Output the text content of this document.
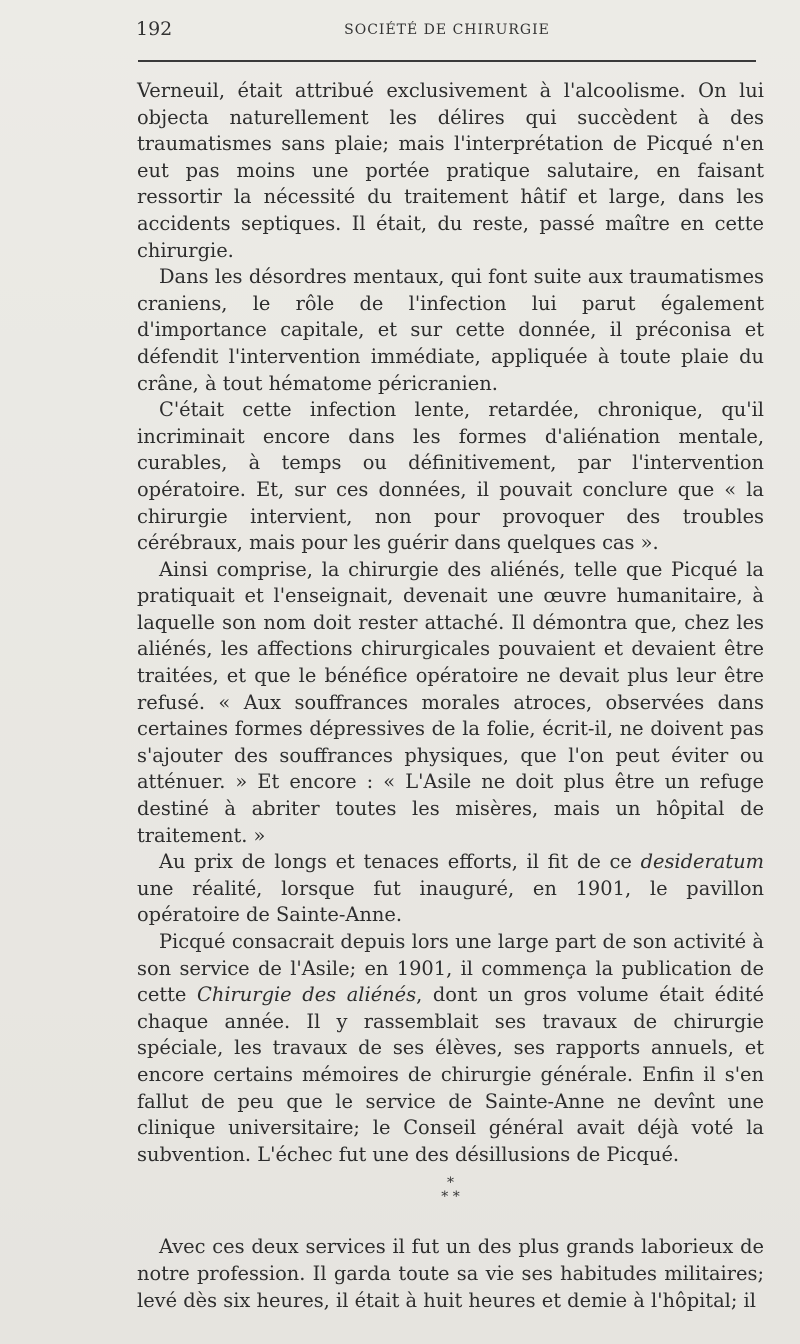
192	SOCIÉTÉ DE CHIRURGIE

Verneuil, était attribué exclusivement à l'alcoolisme. On lui objecta naturellement les délires qui succèdent à des traumatismes sans plaie; mais l'interprétation de Picqué n'en eut pas moins une portée pratique salutaire, en faisant ressortir la nécessité du traitement hâtif et large, dans les accidents septiques. Il était, du reste, passé maître en cette chirurgie.

Dans les désordres mentaux, qui font suite aux traumatismes craniens, le rôle de l'infection lui parut également d'importance capitale, et sur cette donnée, il préconisa et défendit l'intervention immédiate, appliquée à toute plaie du crâne, à tout hématome péricranien.

C'était cette infection lente, retardée, chronique, qu'il incriminait encore dans les formes d'aliénation mentale, curables, à temps ou définitivement, par l'intervention opératoire. Et, sur ces données, il pouvait conclure que « la chirurgie intervient, non pour provoquer des troubles cérébraux, mais pour les guérir dans quelques cas ».

Ainsi comprise, la chirurgie des aliénés, telle que Picqué la pratiquait et l'enseignait, devenait une œuvre humanitaire, à laquelle son nom doit rester attaché. Il démontra que, chez les aliénés, les affections chirurgicales pouvaient et devaient être traitées, et que le bénéfice opératoire ne devait plus leur être refusé. « Aux souffrances morales atroces, observées dans certaines formes dépressives de la folie, écrit-il, ne doivent pas s'ajouter des souffrances physiques, que l'on peut éviter ou atténuer. » Et encore : « L'Asile ne doit plus être un refuge destiné à abriter toutes les misères, mais un hôpital de traitement. »

Au prix de longs et tenaces efforts, il fit de ce desideratum une réalité, lorsque fut inauguré, en 1901, le pavillon opératoire de Sainte-Anne.

Picqué consacrait depuis lors une large part de son activité à son service de l'Asile; en 1901, il commença la publication de cette Chirurgie des aliénés, dont un gros volume était édité chaque année. Il y rassemblait ses travaux de chirurgie spéciale, les travaux de ses élèves, ses rapports annuels, et encore certains mémoires de chirurgie générale. Enfin il s'en fallut de peu que le service de Sainte-Anne ne devînt une clinique universitaire; le Conseil général avait déjà voté la subvention. L'échec fut une des désillusions de Picqué.

*
* *

Avec ces deux services il fut un des plus grands laborieux de notre profession. Il garda toute sa vie ses habitudes militaires; levé dès six heures, il était à huit heures et demie à l'hôpital; il
